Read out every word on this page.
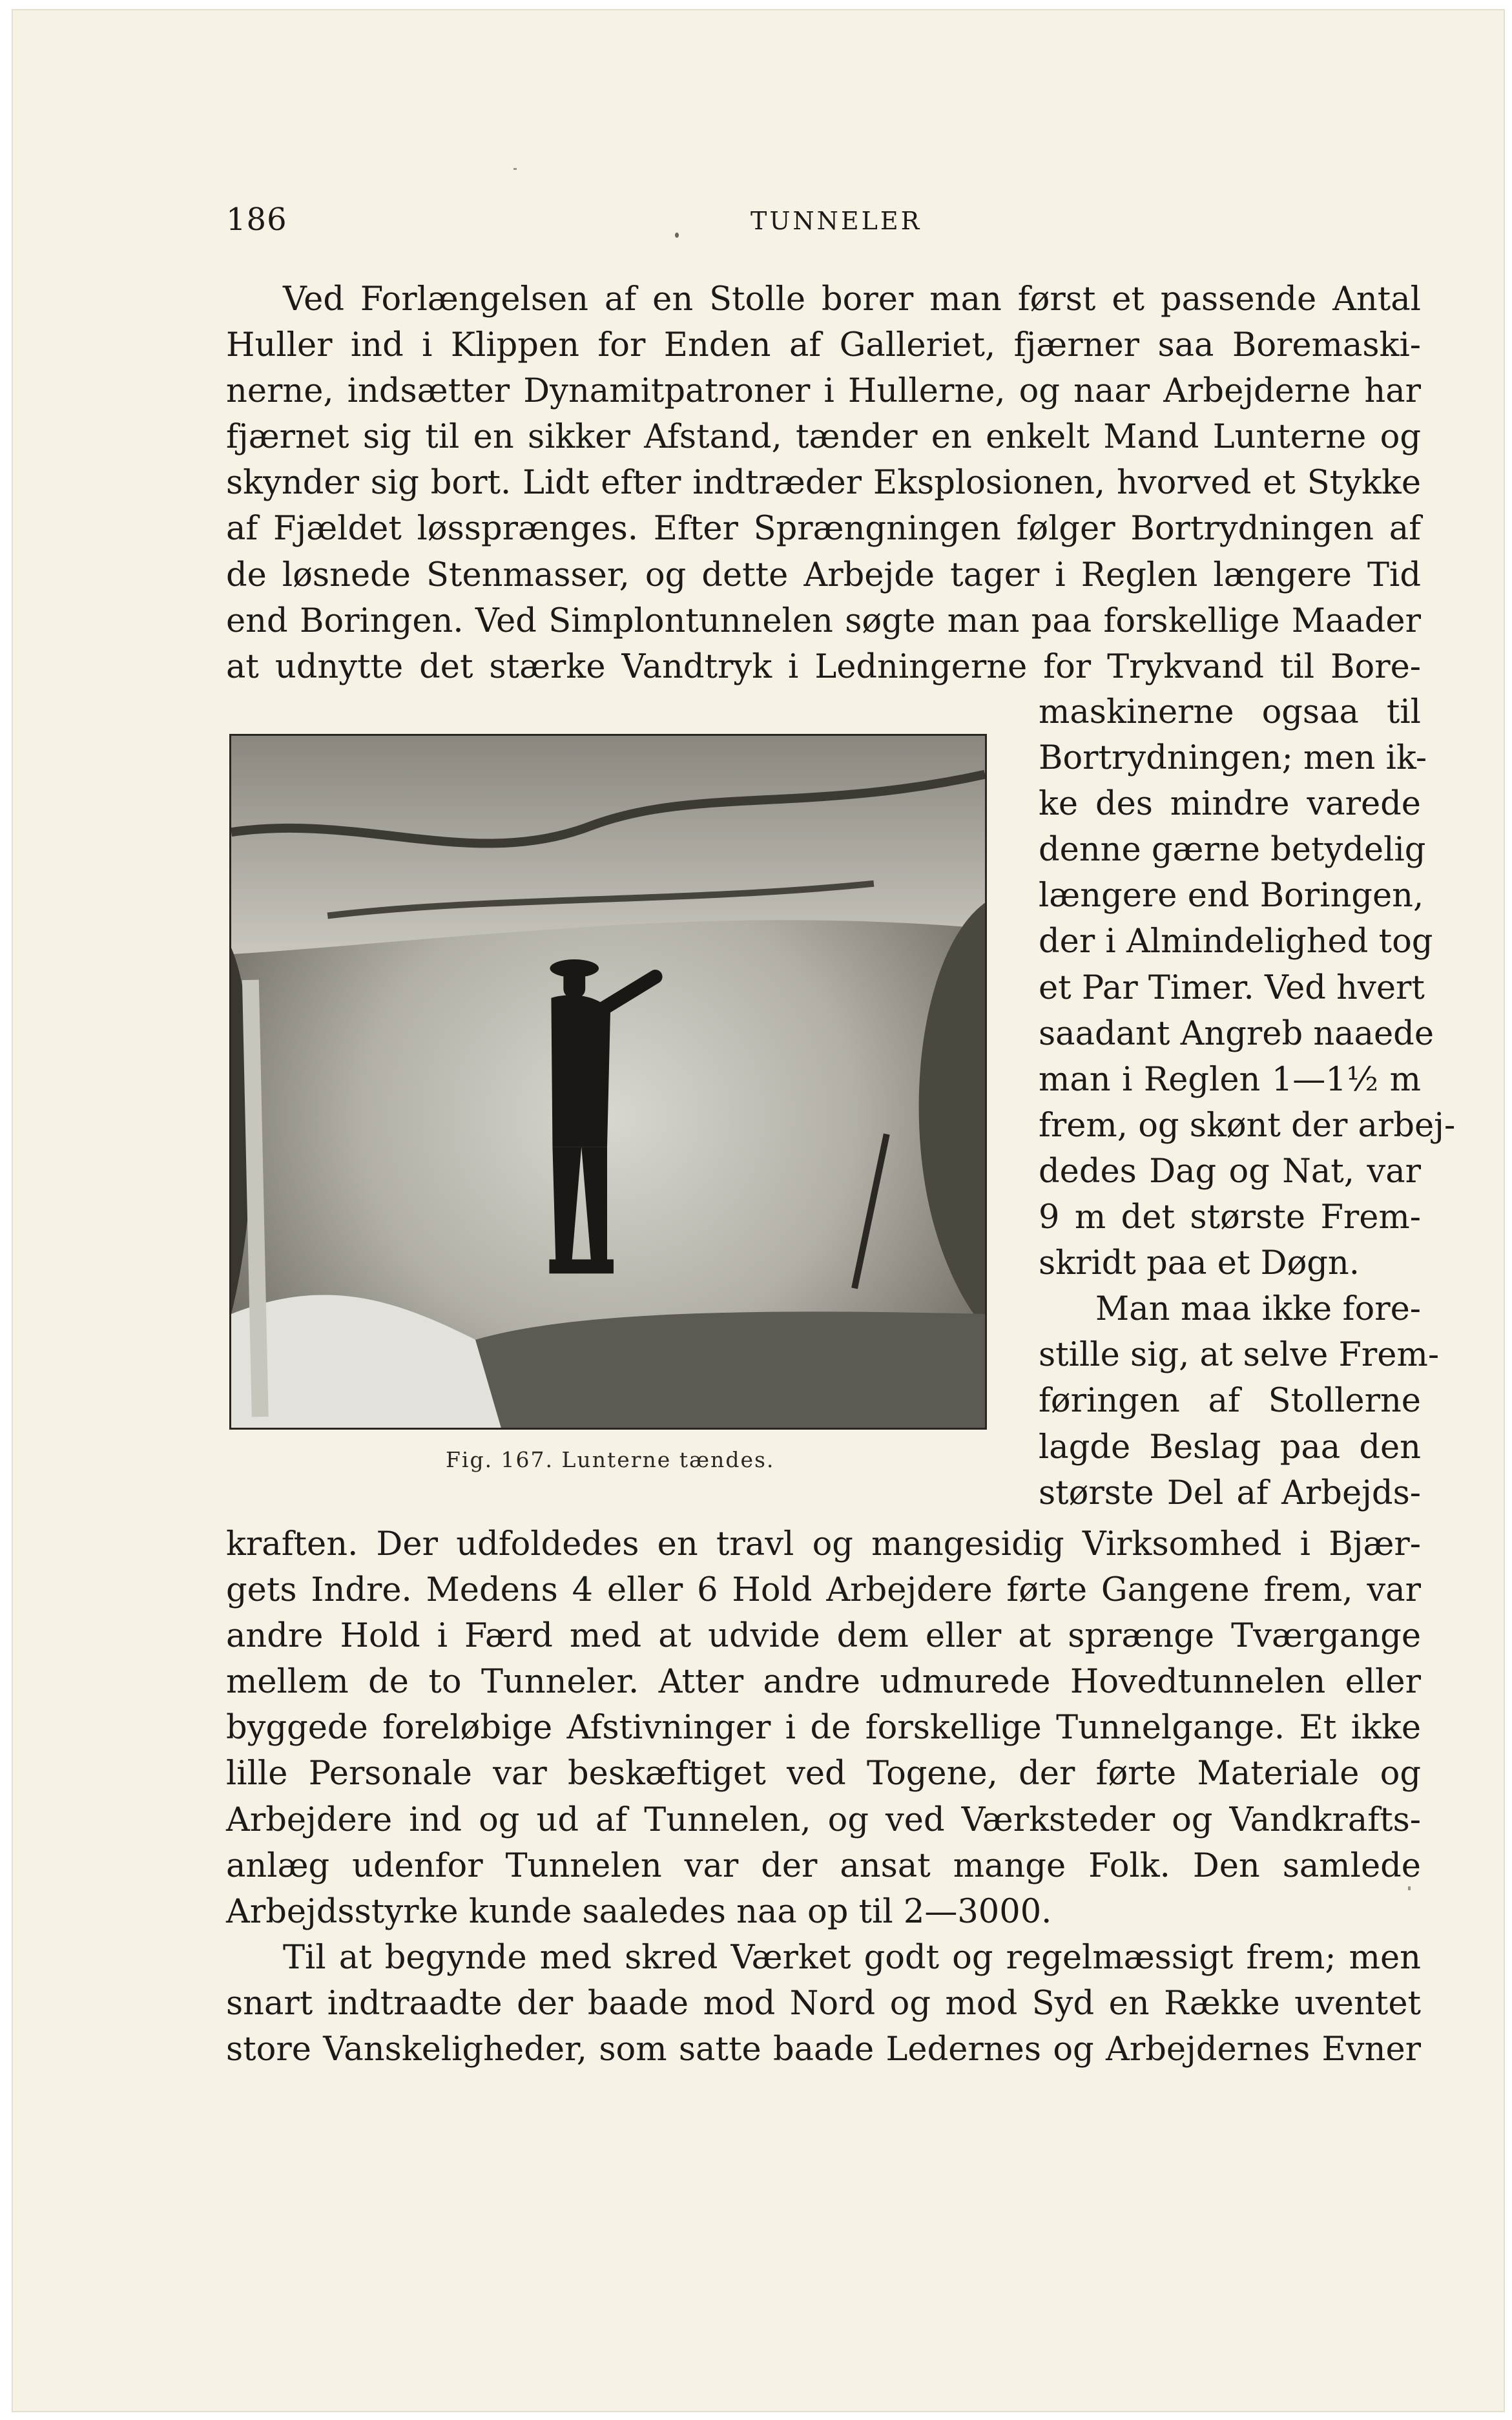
186	TUNNELER

Ved Forlængelsen af en Stolle borer man først et passende Antal
Huller ind i Klippen for Enden af Galleriet, fjærner saa Boremaski-
nerne, indsætter Dynamitpatroner i Hullerne, og naar Arbejderne har
fjærnet sig til en sikker Afstand, tænder en enkelt Mand Lunterne og
skynder sig bort. Lidt efter indtræder Eksplosionen, hvorved et Stykke
af Fjældet løssprænges. Efter Sprængningen følger Bortrydningen af
de løsnede Stenmasser, og dette Arbejde tager i Reglen længere Tid
end Boringen. Ved Simplontunnelen søgte man paa forskellige Maader
at udnytte det stærke Vandtryk i Ledningerne for Trykvand til Bore-

maskinerne ogsaa til
Bortrydningen; men ik-
ke des mindre varede
denne gærne betydelig
længere end Boringen,
der i Almindelighed tog
et Par Timer. Ved hvert
saadant Angreb naaede
man i Reglen 1—1½ m
frem, og skønt der arbej-
dedes Dag og Nat, var
9 m det største Frem-
skridt paa et Døgn.
Man maa ikke fore-
stille sig, at selve Frem-
føringen af Stollerne
lagde Beslag paa den
største Del af Arbejds-

Fig. 167. Lunterne tændes.

kraften. Der udfoldedes en travl og mangesidig Virksomhed i Bjær-
gets Indre. Medens 4 eller 6 Hold Arbejdere førte Gangene frem, var
andre Hold i Færd med at udvide dem eller at sprænge Tværgange
mellem de to Tunneler. Atter andre udmurede Hovedtunnelen eller
byggede foreløbige Afstivninger i de forskellige Tunnelgange. Et ikke
lille Personale var beskæftiget ved Togene, der førte Materiale og
Arbejdere ind og ud af Tunnelen, og ved Værksteder og Vandkrafts-
anlæg udenfor Tunnelen var der ansat mange Folk. Den samlede
Arbejdsstyrke kunde saaledes naa op til 2—3000.

Til at begynde med skred Værket godt og regelmæssigt frem; men
snart indtraadte der baade mod Nord og mod Syd en Række uventet
store Vanskeligheder, som satte baade Ledernes og Arbejdernes Evner
